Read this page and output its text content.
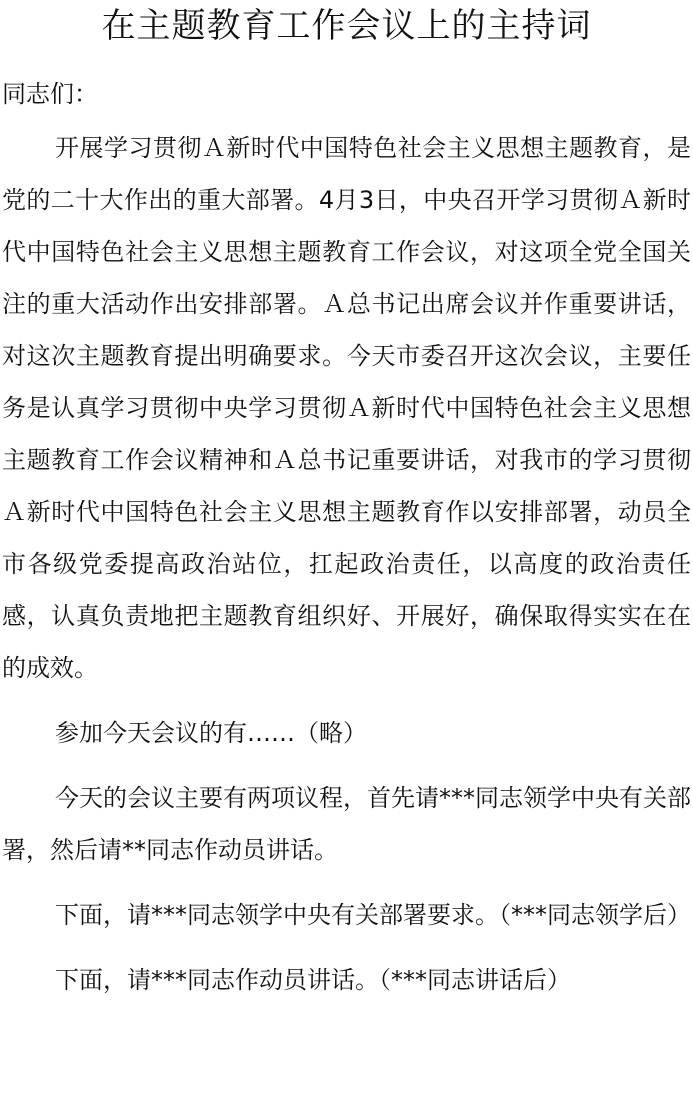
在主题教育工作会议上的主持词
同志们：

开展学习贯彻Ａ新时代中国特色社会主义思想主题教育，是党的二十大作出的重大部署。4月3日，中央召开学习贯彻Ａ新时代中国特色社会主义思想主题教育工作会议，对这项全党全国关注的重大活动作出安排部署。Ａ总书记出席会议并作重要讲话，对这次主题教育提出明确要求。今天市委召开这次会议，主要任务是认真学习贯彻中央学习贯彻Ａ新时代中国特色社会主义思想主题教育工作会议精神和Ａ总书记重要讲话，对我市的学习贯彻Ａ新时代中国特色社会主义思想主题教育作以安排部署，动员全市各级党委提高政治站位，扛起政治责任，以高度的政治责任感，认真负责地把主题教育组织好、开展好，确保取得实实在在的成效。

参加今天会议的有……（略）

今天的会议主要有两项议程，首先请***同志领学中央有关部署，然后请**同志作动员讲话。

下面，请***同志领学中央有关部署要求。（***同志领学后）

下面，请***同志作动员讲话。（***同志讲话后）
